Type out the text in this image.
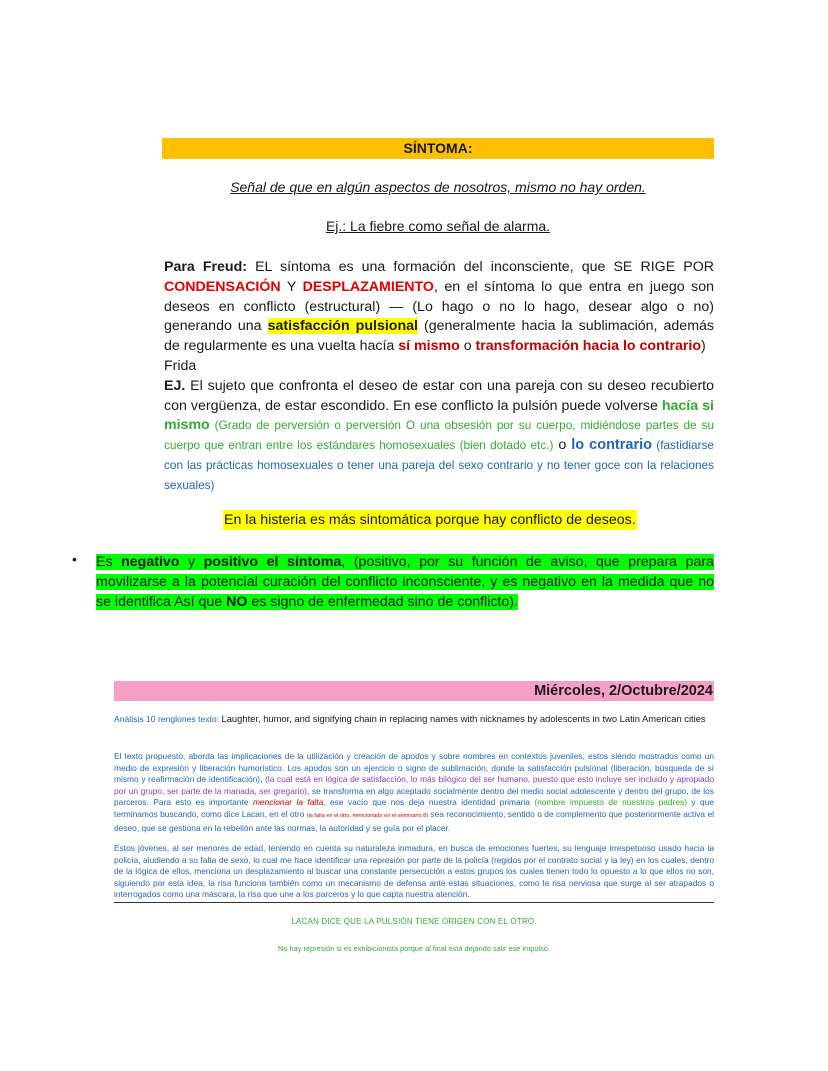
SÍNTOMA:
Señal de que en algún aspectos de nosotros, mismo no hay orden.
Ej.: La fiebre como señal de alarma.
Para Freud: EL síntoma es una formación del inconsciente, que SE RIGE POR CONDENSACIÓN Y DESPLAZAMIENTO, en el síntoma lo que entra en juego son deseos en conflicto (estructural) — (Lo hago o no lo hago, desear algo o no) generando una satisfacción pulsional (generalmente hacia la sublimación, además de regularmente es una vuelta hacía sí mismo o transformación hacia lo contrario)
Frida
EJ. El sujeto que confronta el deseo de estar con una pareja con su deseo recubierto con vergüenza, de estar escondido. En ese conflicto la pulsión puede volverse hacía si mismo (Grado de perversión o perversión O una obsesión por su cuerpo, midiéndose partes de su cuerpo que entran entre los estándares homosexuales (bien dotado etc.) o lo contrario (fastidiarse con las prácticas homosexuales o tener una pareja del sexo contrario y no tener goce con la relaciones sexuales)
En la histeria es más sintomática porque hay conflicto de deseos.
• Es negativo y positivo el síntoma, (positivo, por su función de aviso, que prepara para movilizarse a la potencial curación del conflicto inconsciente, y es negativo en la medida que no se identifica Así que NO es signo de enfermedad sino de conflicto).
Miércoles, 2/Octubre/2024
Análisis 10 renglones texto: Laughter, humor, and signifying chain in replacing names with nicknames by adolescents in two Latin American cities
El texto propuesto, aborda las implicaciones de la utilización y creación de apodos y sobre nombres en contextos juveniles, estos siendo mostrados como un medio de expresión y liberación humorístico. Los apodos son un ejercicio o signo de sublimación, donde la satisfacción pulsional (liberación, búsqueda de sí mismo y reafirmación de identificación), (la cual está en lógica de satisfacción, lo más bilógico del ser humano, puesto que esto incluye ser incluido y apropiado por un grupo, ser parte de la manada, ser gregario), se transforma en algo aceptado socialmente dentro del medio social adolescente y dentro del grupo, de los parceros. Para esto es importante mencionar la falta, ese vacío que nos deja nuestra identidad primaria (nombre impuesto de nuestros padres) y que terminamos buscando, como dice Lacan, en el otro (la falta en el otro, mencionado en el seminario 8) sea reconocimiento, sentido o de complemento que posteriormente activa el deseo, que se gestiona en la rebelión ante las normas, la autoridad y se guía por el placer.
Estos jóvenes, al ser menores de edad, teniendo en cuenta su naturaleza inmadura, en busca de emociones fuertes, su lenguaje irrespetuoso usado hacia la policía, aludiendo a su falta de sexo, lo cual me hace identificar una represión por parte de la policía (regidos por el contrato social y la ley) en los cuales, dentro de la lógica de ellos, menciona un desplazamiento al buscar una constante persecución a estos grupos los cuales tienen todo lo opuesto a lo que ellos no son, siguiendo por esta idea, la risa funciona también como un mecanismo de defensa ante estas situaciones, como la risa nerviosa que surge al ser atrapados o interrogados como una máscara, la risa que une a los parceros y lo que capta nuestra atención.
LACAN DICE QUE LA PULSIÓN TIENE ORIGEN CON EL OTRO.
No hay represión si es exhibicionista porque al final está dejando salir ese impulso.
